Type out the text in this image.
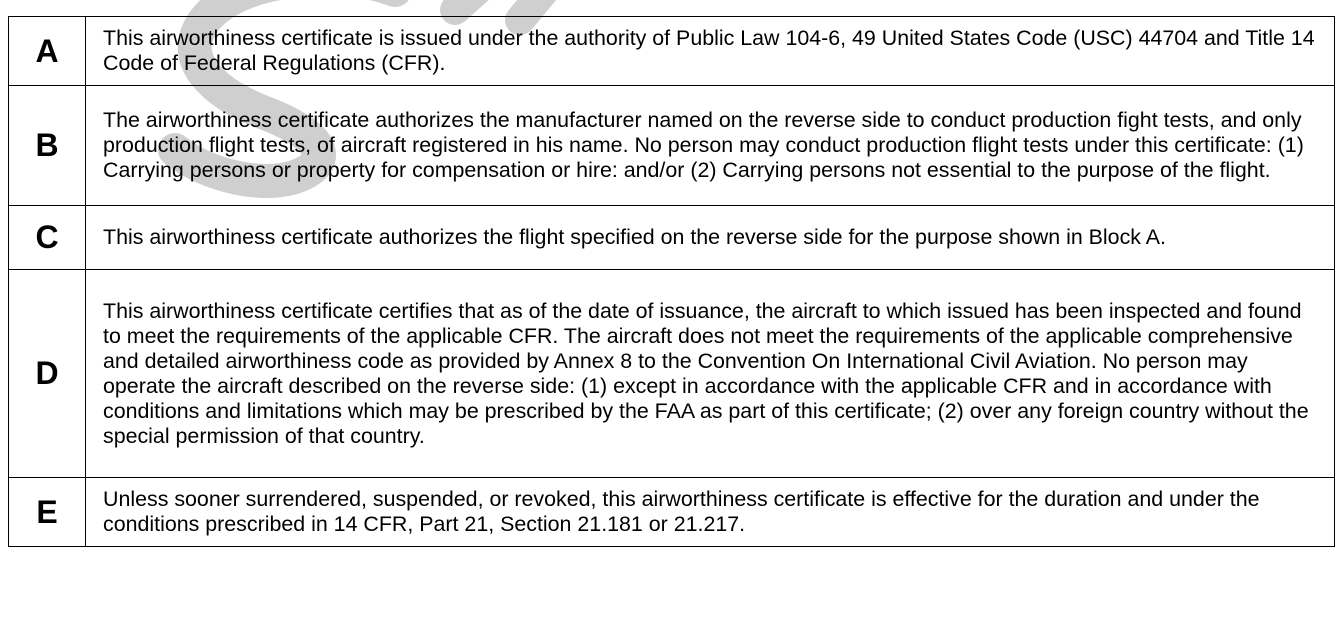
A	This airworthiness certificate is issued under the authority of Public Law 104-6, 49 United States Code (USC) 44704 and Title 14 Code of Federal Regulations (CFR).
B	The airworthiness certificate authorizes the manufacturer named on the reverse side to conduct production fight tests, and only production flight tests, of aircraft registered in his name. No person may conduct production flight tests under this certificate: (1) Carrying persons or property for compensation or hire: and/or (2) Carrying persons not essential to the purpose of the flight.
C	This airworthiness certificate authorizes the flight specified on the reverse side for the purpose shown in Block A.
D	This airworthiness certificate certifies that as of the date of issuance, the aircraft to which issued has been inspected and found to meet the requirements of the applicable CFR. The aircraft does not meet the requirements of the applicable comprehensive and detailed airworthiness code as provided by Annex 8 to the Convention On International Civil Aviation. No person may operate the aircraft described on the reverse side: (1) except in accordance with the applicable CFR and in accordance with conditions and limitations which may be prescribed by the FAA as part of this certificate; (2) over any foreign country without the special permission of that country.
E	Unless sooner surrendered, suspended, or revoked, this airworthiness certificate is effective for the duration and under the conditions prescribed in 14 CFR, Part 21, Section 21.181 or 21.217.
